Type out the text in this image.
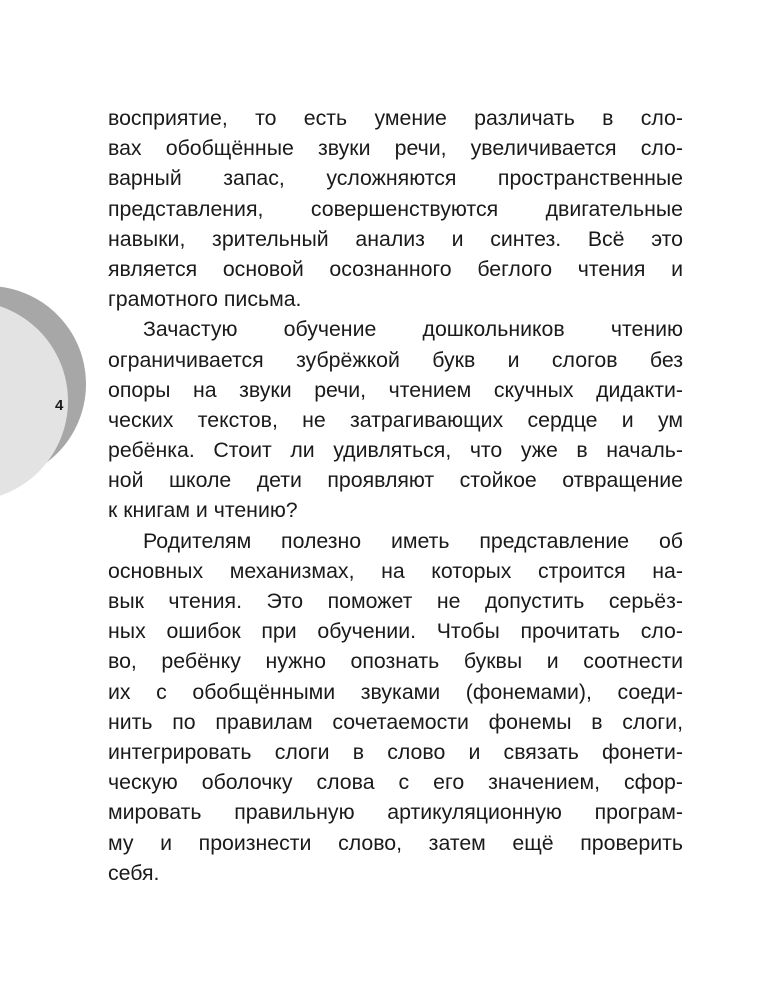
4
восприятие, то есть умение различать в сло-
вах обобщённые звуки речи, увеличивается сло-
варный запас, усложняются пространственные
представления, совершенствуются двигательные
навыки, зрительный анализ и синтез. Всё это
является основой осознанного беглого чтения и
грамотного письма.
Зачастую обучение дошкольников чтению
ограничивается зубрёжкой букв и слогов без
опоры на звуки речи, чтением скучных дидакти-
ческих текстов, не затрагивающих сердце и ум
ребёнка. Стоит ли удивляться, что уже в началь-
ной школе дети проявляют стойкое отвращение
к книгам и чтению?
Родителям полезно иметь представление об
основных механизмах, на которых строится на-
вык чтения. Это поможет не допустить серьёз-
ных ошибок при обучении. Чтобы прочитать сло-
во, ребёнку нужно опознать буквы и соотнести
их с обобщёнными звуками (фонемами), соеди-
нить по правилам сочетаемости фонемы в слоги,
интегрировать слоги в слово и связать фонети-
ческую оболочку слова с его значением, сфор-
мировать правильную артикуляционную програм-
му и произнести слово, затем ещё проверить
себя.
